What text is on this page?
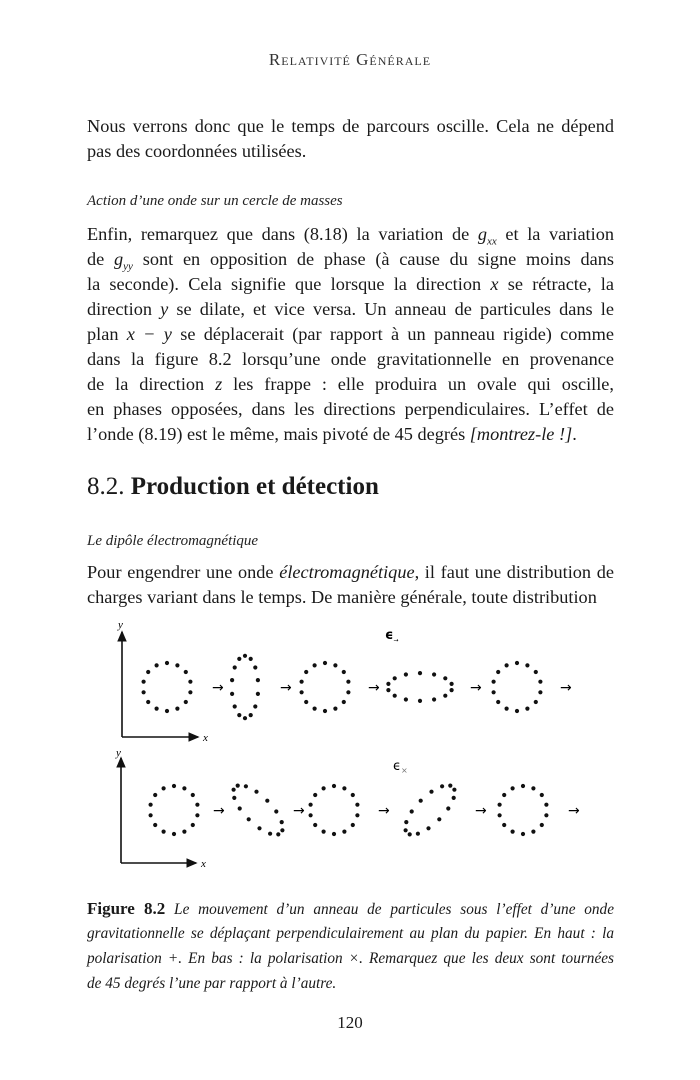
Relativité Générale
Nous verrons donc que le temps de parcours oscille. Cela ne dépend
pas des coordonnées utilisées.
Action d’une onde sur un cercle de masses
Enfin, remarquez que dans (8.18) la variation de $g_{xx}$ et la variation
de $g_{yy}$ sont en opposition de phase (à cause du signe moins dans
la seconde). Cela signifie que lorsque la direction x se rétracte, la
direction y se dilate, et vice versa. Un anneau de particules dans le
plan x − y se déplacerait (par rapport à un panneau rigide) comme
dans la figure 8.2 lorsqu’une onde gravitationnelle en provenance
de la direction z les frappe : elle produira un ovale qui oscille,
en phases opposées, dans les directions perpendiculaires. L’effet de
l’onde (8.19) est le même, mais pivoté de 45 degrés [montrez-le !].
8.2. Production et détection
Le dipôle électromagnétique
Pour engendrer une onde électromagnétique, il faut une distribution de
charges variant dans le temps. De manière générale, toute distribution
y
x
$\epsilon_\to$
y
x
$\epsilon_\times$
→	→	→	→	→
→	→	→	→	→
Figure 8.2 Le mouvement d’un anneau de particules sous l’effet d’une onde
gravitationnelle se déplaçant perpendiculairement au plan du papier. En haut : la
polarisation +. En bas : la polarisation ×. Remarquez que les deux sont tournées
de 45 degrés l’une par rapport à l’autre.
120
